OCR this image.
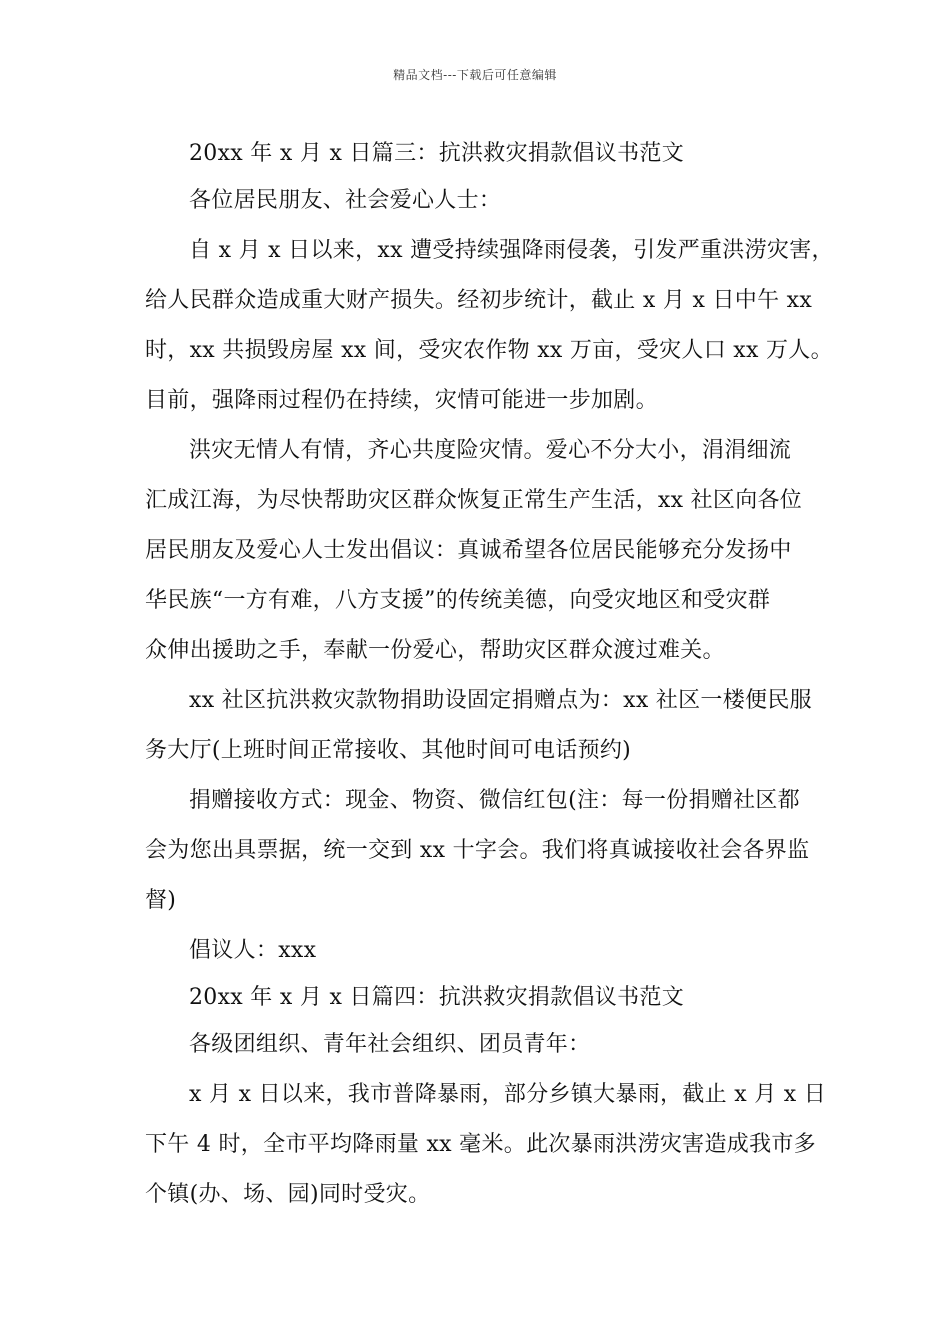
精品文档---下载后可任意编辑

20xx 年 x 月 x 日篇三：抗洪救灾捐款倡议书范文

各位居民朋友、社会爱心人士：

自 x 月 x 日以来，xx 遭受持续强降雨侵袭，引发严重洪涝灾害，

给人民群众造成重大财产损失。经初步统计，截止 x 月 x 日中午 xx

时，xx 共损毁房屋 xx 间，受灾农作物 xx 万亩，受灾人口 xx 万人。

目前，强降雨过程仍在持续，灾情可能进一步加剧。

洪灾无情人有情，齐心共度险灾情。爱心不分大小，涓涓细流

汇成江海，为尽快帮助灾区群众恢复正常生产生活，xx 社区向各位

居民朋友及爱心人士发出倡议：真诚希望各位居民能够充分发扬中

华民族“一方有难，八方支援”的传统美德，向受灾地区和受灾群

众伸出援助之手，奉献一份爱心，帮助灾区群众渡过难关。

xx 社区抗洪救灾款物捐助设固定捐赠点为：xx 社区一楼便民服

务大厅(上班时间正常接收、其他时间可电话预约)

捐赠接收方式：现金、物资、微信红包(注：每一份捐赠社区都

会为您出具票据，统一交到 xx 十字会。我们将真诚接收社会各界监

督)

倡议人：xxx

20xx 年 x 月 x 日篇四：抗洪救灾捐款倡议书范文

各级团组织、青年社会组织、团员青年：

x 月 x 日以来，我市普降暴雨，部分乡镇大暴雨，截止 x 月 x 日

下午 4 时，全市平均降雨量 xx 毫米。此次暴雨洪涝灾害造成我市多

个镇(办、场、园)同时受灾。
